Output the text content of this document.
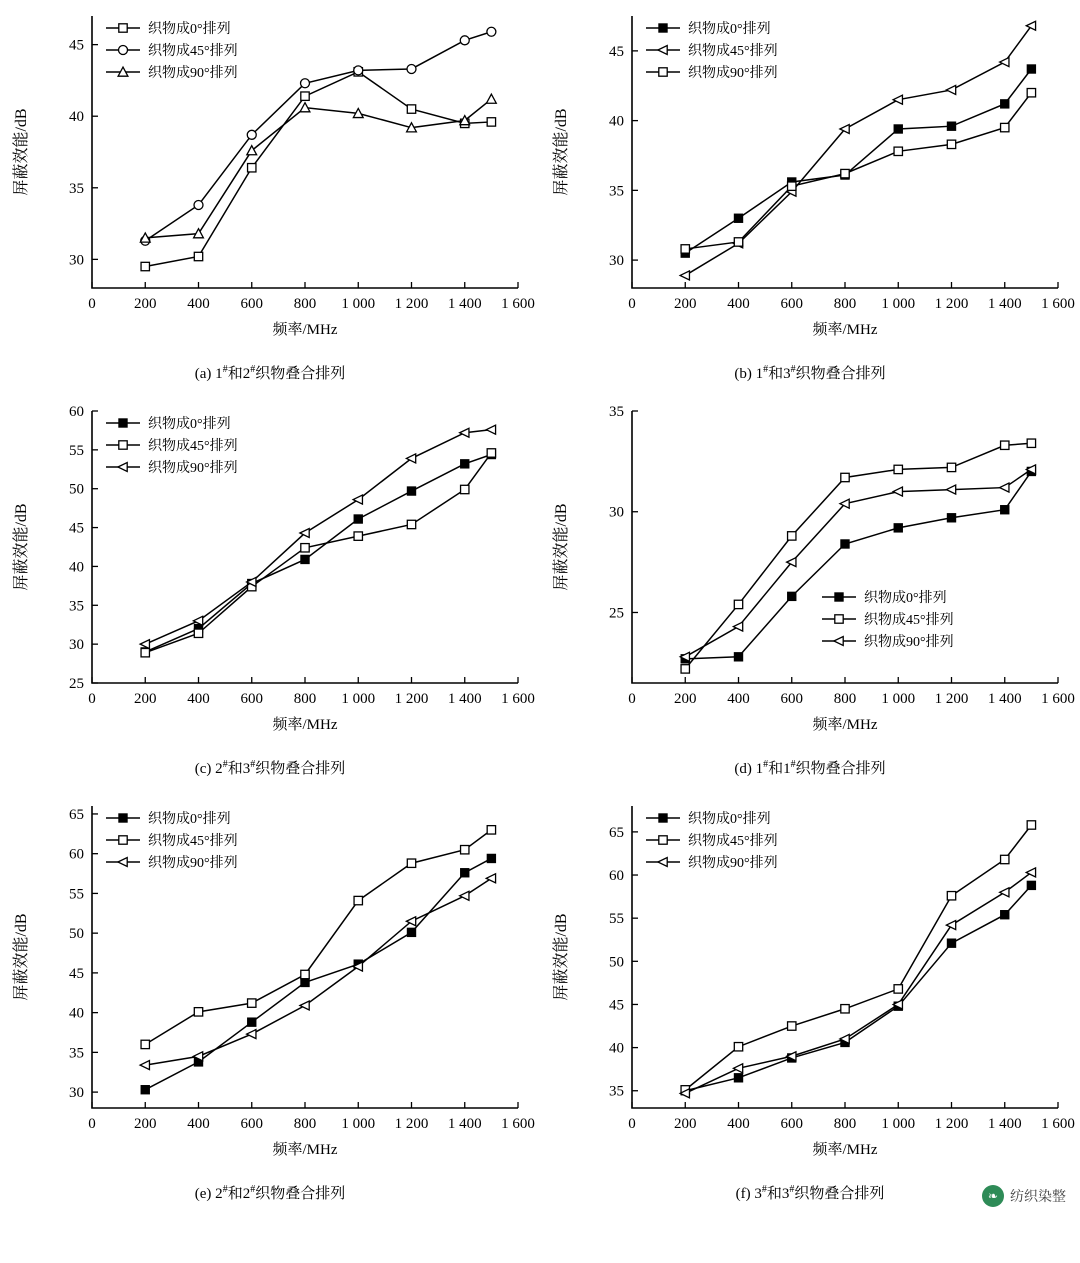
0	200 400 600 800 1 000 1 200 1 400 1 600
30
35
40
45
频率/MHz
屏蔽效能/dB
织物成0°排列
织物成45°排列
织物成90°排列
(a) 1#和2#织物叠合排列
0	200 400 600 800 1 000 1 200 1 400 1 600
30
35
40
45
频率/MHz
屏蔽效能/dB
织物成0°排列
织物成45°排列
织物成90°排列
(b) 1#和3#织物叠合排列
0	200 400 600 800 1 000 1 200 1 400 1 600
25
30
35
40
45
50
55
60
频率/MHz
屏蔽效能/dB
织物成0°排列
织物成45°排列
织物成90°排列
(c) 2#和3#织物叠合排列
0	200 400 600 800 1 000 1 200 1 400 1 600
25
30
35
频率/MHz
屏蔽效能/dB
织物成0°排列
织物成45°排列
织物成90°排列
(d) 1#和1#织物叠合排列
0	200 400 600 800 1 000 1 200 1 400 1 600
30
35
40
45
50
55
60
65
频率/MHz
屏蔽效能/dB
织物成0°排列
织物成45°排列
织物成90°排列
(e) 2#和2#织物叠合排列
0	200 400 600 800 1 000 1 200 1 400 1 600
35
40
45
50
55
60
65
频率/MHz
屏蔽效能/dB
织物成0°排列
织物成45°排列
织物成90°排列
(f) 3#和3#织物叠合排列	❧ 纺织染整
